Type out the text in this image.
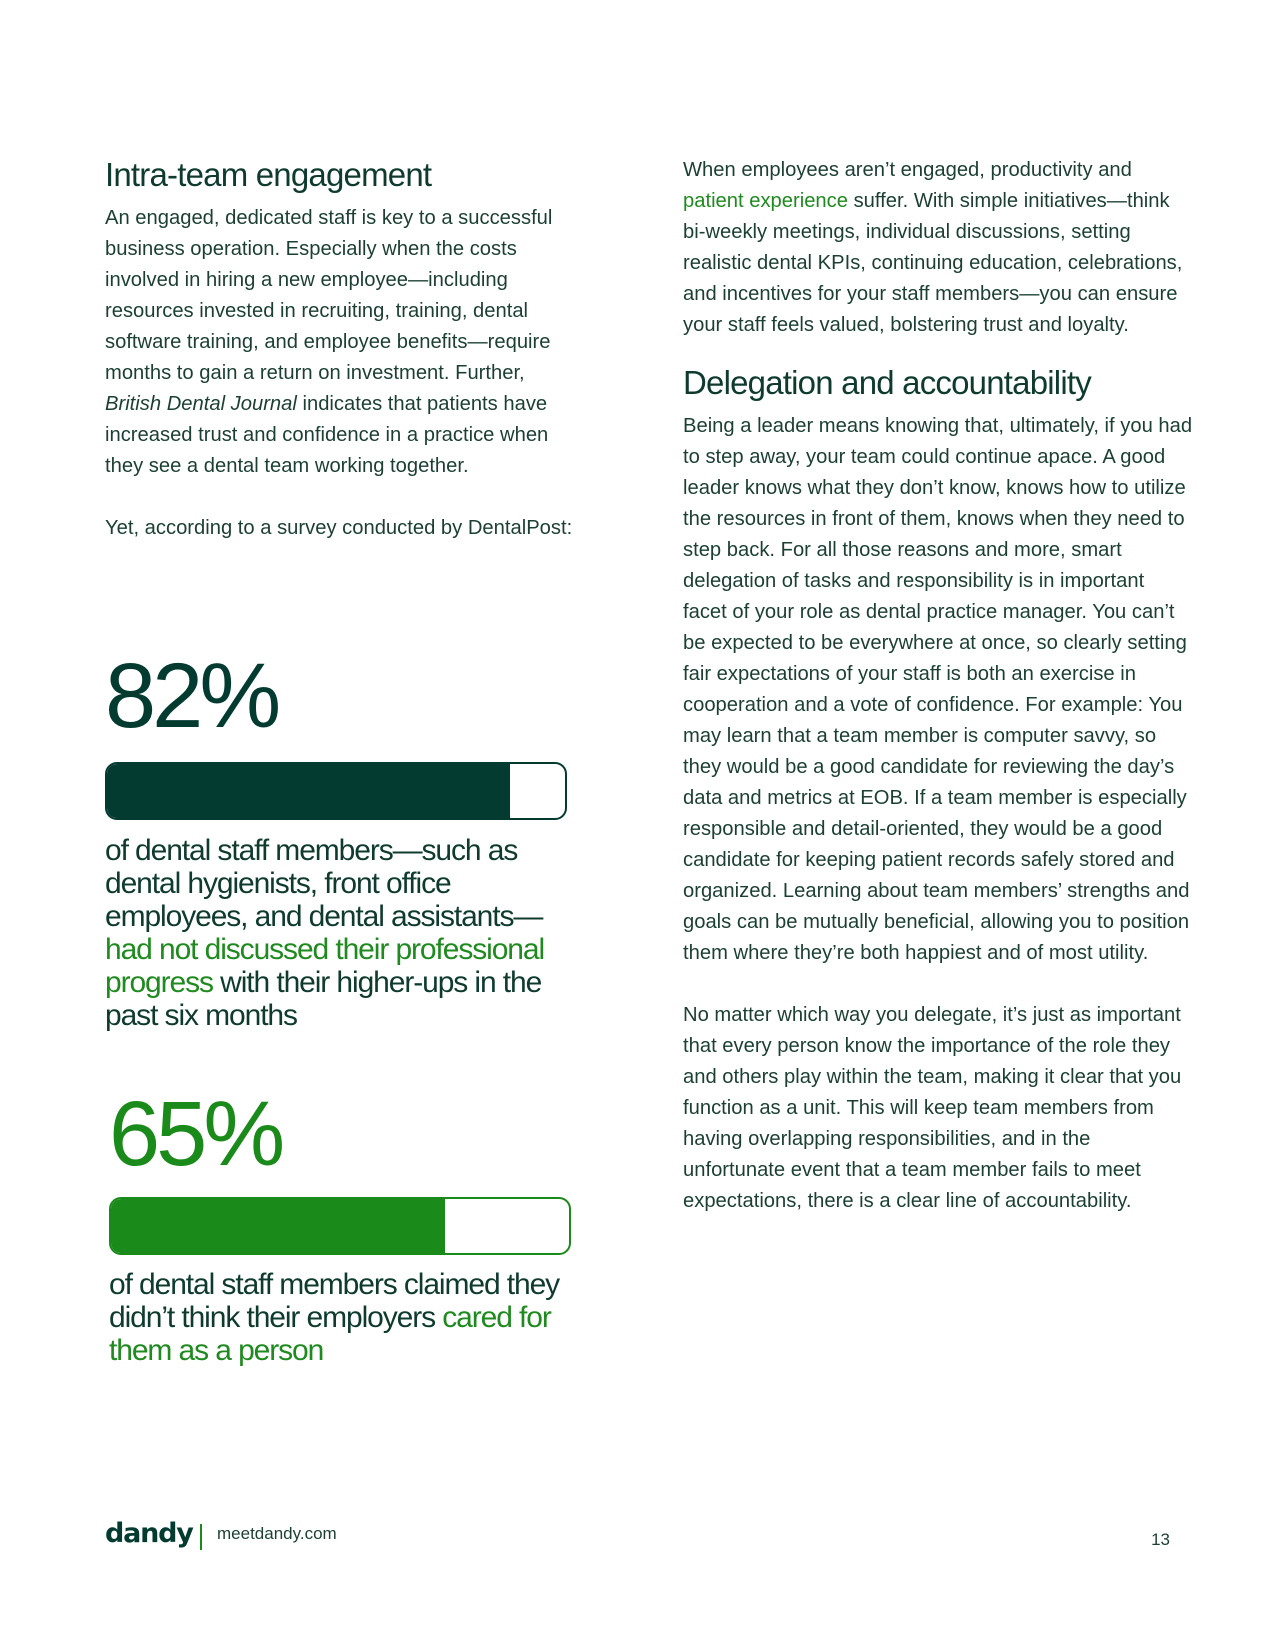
Intra-team engagement

An engaged, dedicated staff is key to a successful business operation. Especially when the costs involved in hiring a new employee—including resources invested in recruiting, training, dental software training, and employee benefits—require months to gain a return on investment. Further, British Dental Journal indicates that patients have increased trust and confidence in a practice when they see a dental team working together.

Yet, according to a survey conducted by DentalPost:

82%

of dental staff members—such as dental hygienists, front office employees, and dental assistants—had not discussed their professional progress with their higher-ups in the past six months

65%

of dental staff members claimed they didn’t think their employers cared for them as a person

When employees aren’t engaged, productivity and patient experience suffer. With simple initiatives—think bi-weekly meetings, individual discussions, setting realistic dental KPIs, continuing education, celebrations, and incentives for your staff members—you can ensure your staff feels valued, bolstering trust and loyalty.

Delegation and accountability

Being a leader means knowing that, ultimately, if you had to step away, your team could continue apace. A good leader knows what they don’t know, knows how to utilize the resources in front of them, knows when they need to step back. For all those reasons and more, smart delegation of tasks and responsibility is in important facet of your role as dental practice manager. You can’t be expected to be everywhere at once, so clearly setting fair expectations of your staff is both an exercise in cooperation and a vote of confidence. For example: You may learn that a team member is computer savvy, so they would be a good candidate for reviewing the day’s data and metrics at EOB. If a team member is especially responsible and detail-oriented, they would be a good candidate for keeping patient records safely stored and organized. Learning about team members’ strengths and goals can be mutually beneficial, allowing you to position them where they’re both happiest and of most utility.

No matter which way you delegate, it’s just as important that every person know the importance of the role they and others play within the team, making it clear that you function as a unit. This will keep team members from having overlapping responsibilities, and in the unfortunate event that a team member fails to meet expectations, there is a clear line of accountability.

dandy meetdandy.com	13
